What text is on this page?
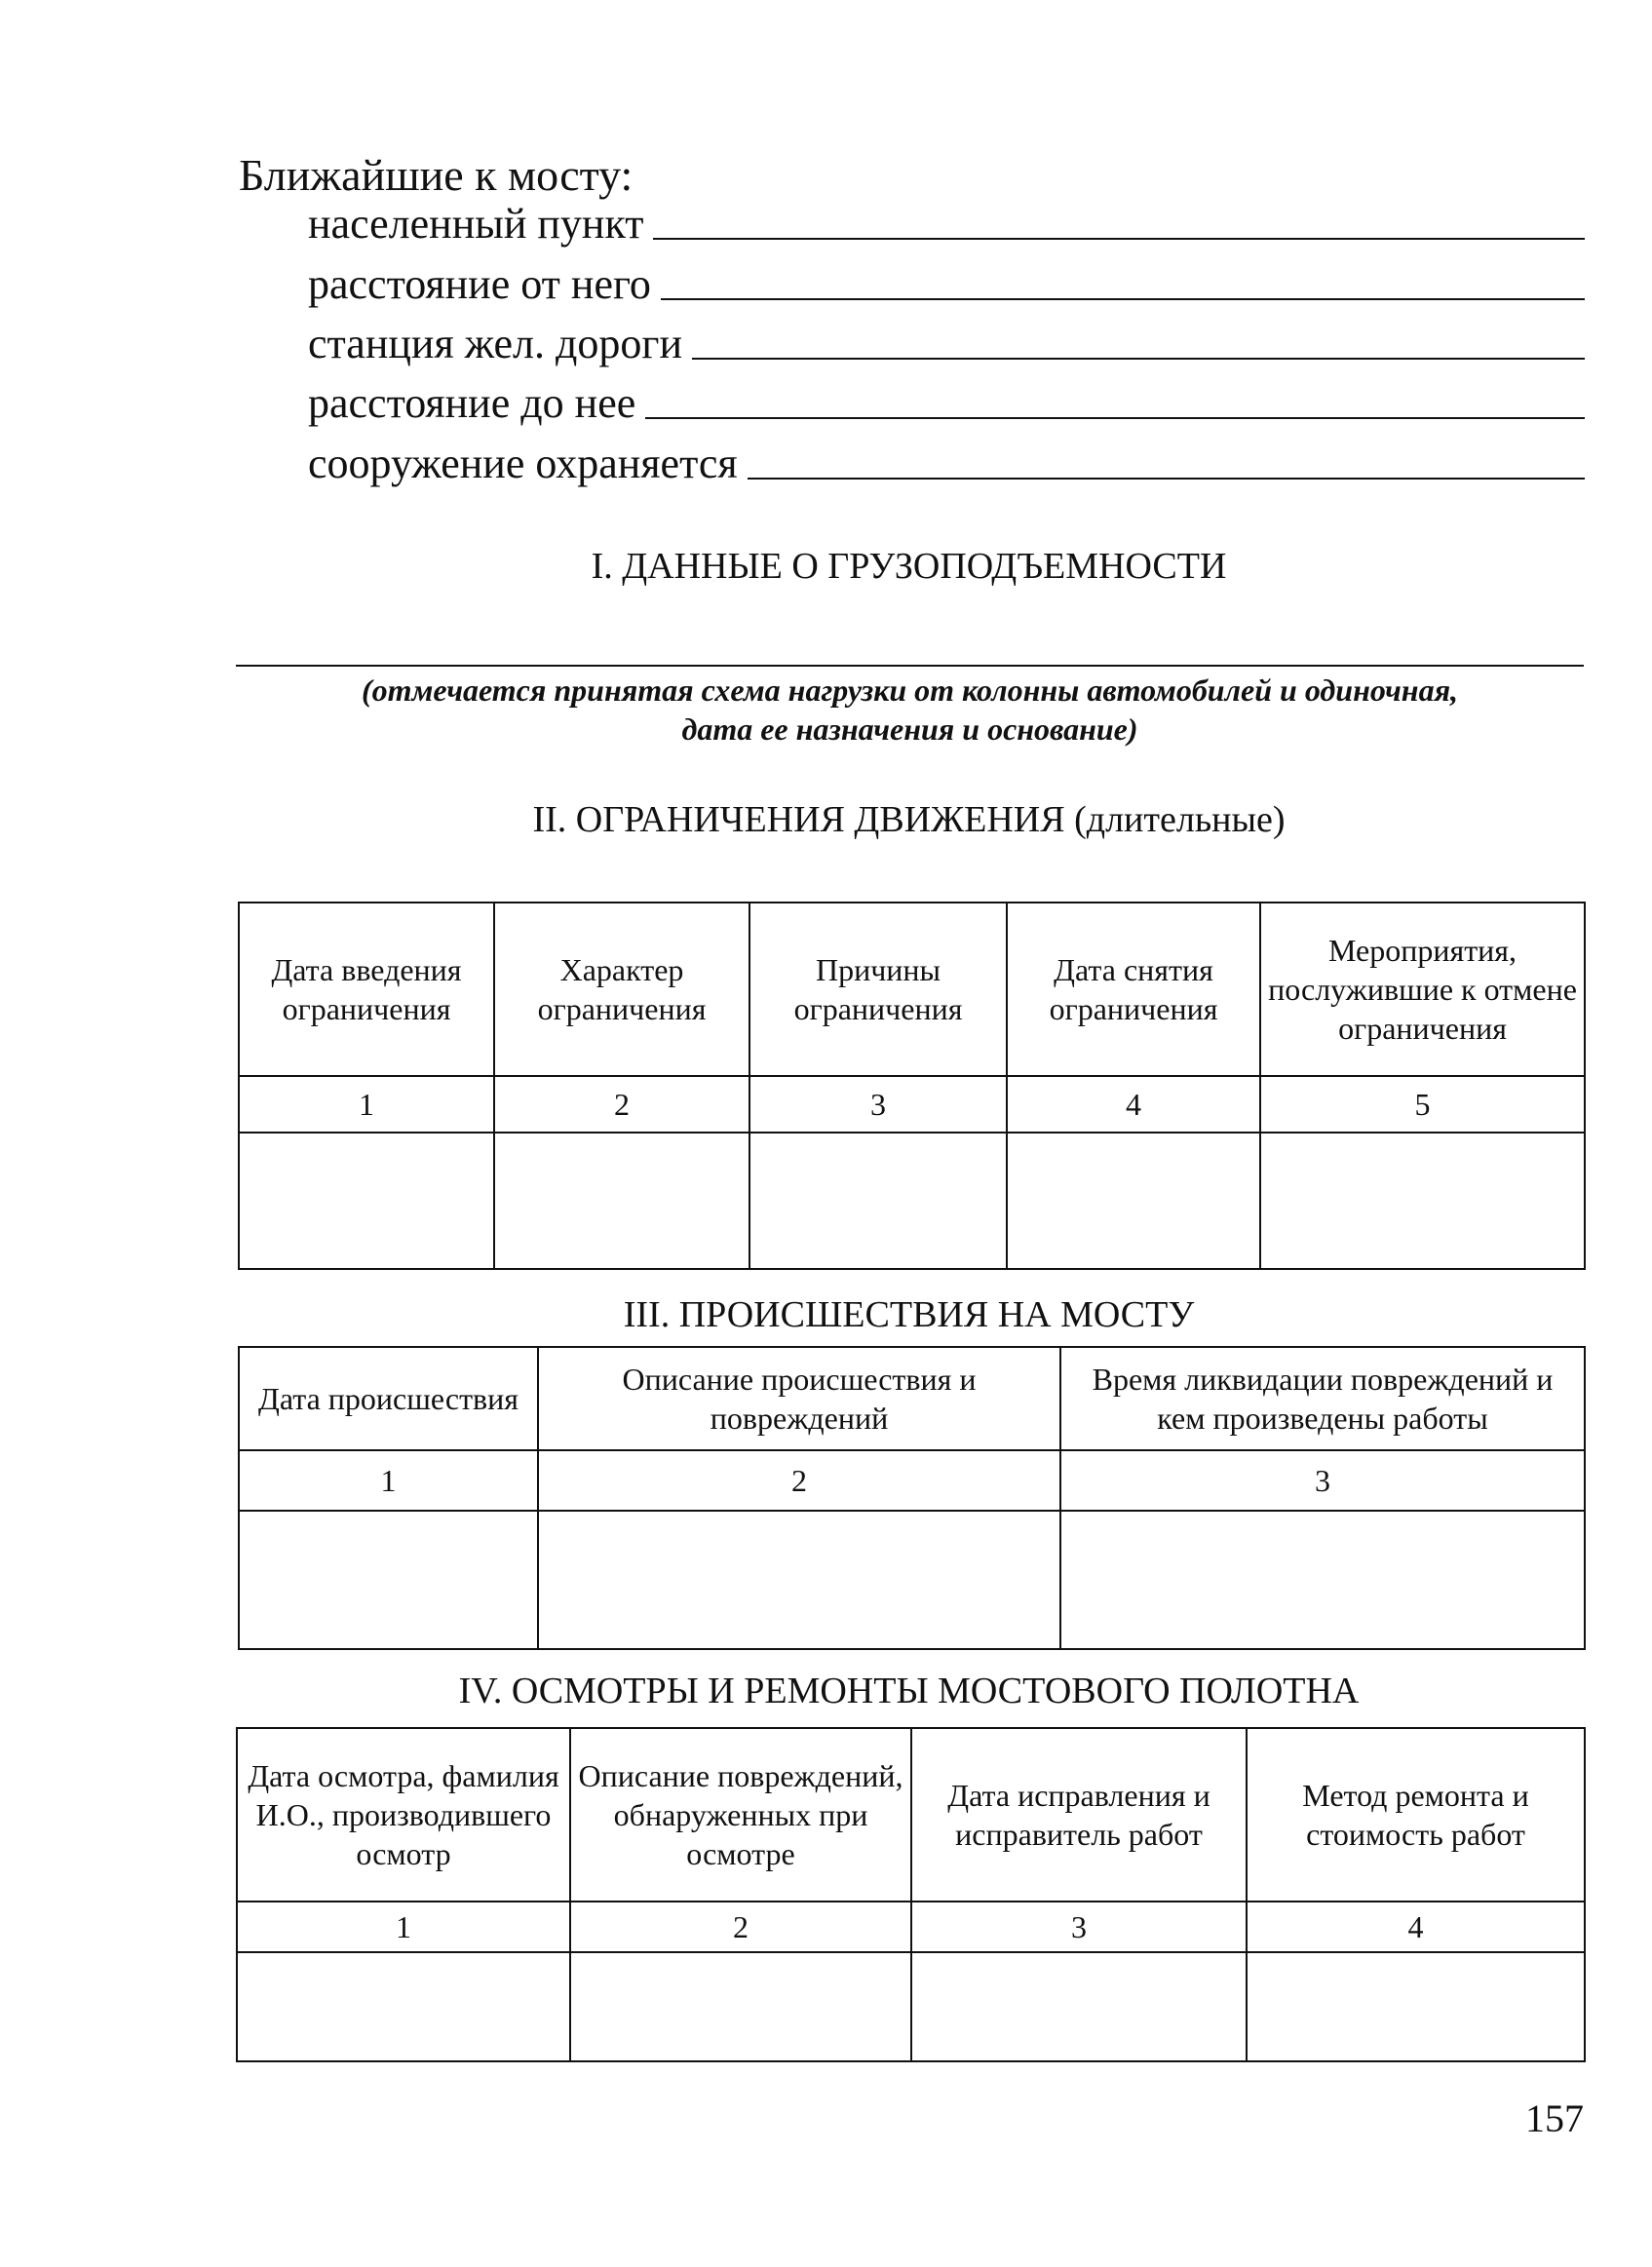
Ближайшие к мосту:
населенный пункт
расстояние от него
станция жел. дороги
расстояние до нее
сооружение охраняется
I. ДАННЫЕ О ГРУЗОПОДЪЕМНОСТИ
(отмечается принятая схема нагрузки от колонны автомобилей и одиночная,
дата ее назначения и основание)
II. ОГРАНИЧЕНИЯ ДВИЖЕНИЯ (длительные)
Дата введения ограничения	Характер ограничения	Причины ограничения	Дата снятия ограничения	Мероприятия, послужившие к отмене ограничения
1	2	3	4	5

III. ПРОИСШЕСТВИЯ НА МОСТУ
Дата происшествия	Описание происшествия и повреждений	Время ликвидации повреждений и кем произведены работы
1	2	3

IV. ОСМОТРЫ И РЕМОНТЫ МОСТОВОГО ПОЛОТНА
Дата осмотра, фамилия И.О., производившего осмотр	Описание повреждений, обнаруженных при осмотре	Дата исправления и исправитель работ	Метод ремонта и стоимость работ
1	2	3	4

157
